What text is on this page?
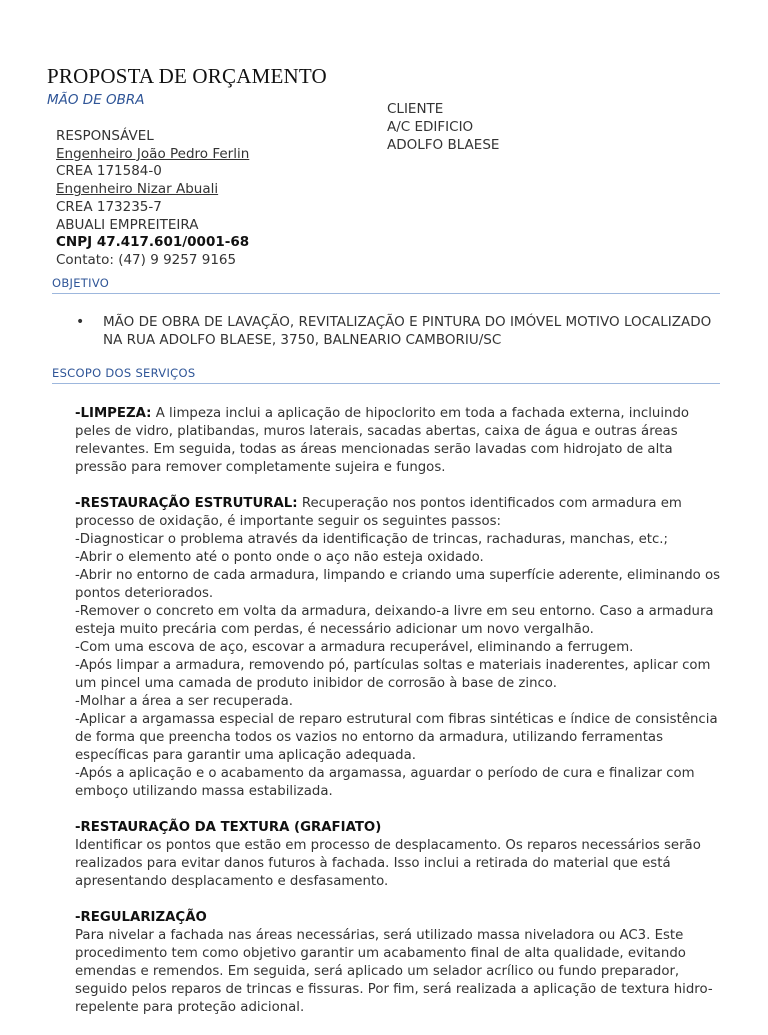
PROPOSTA DE ORÇAMENTO
MÃO DE OBRA
CLIENTE
A/C EDIFICIO
ADOLFO BLAESE
RESPONSÁVEL
Engenheiro João Pedro Ferlin
CREA 171584-0
Engenheiro Nizar Abuali
CREA 173235-7
ABUALI EMPREITEIRA
CNPJ 47.417.601/0001-68
Contato: (47) 9 9257 9165
OBJETIVO
• MÃO DE OBRA DE LAVAÇÃO, REVITALIZAÇÃO E PINTURA DO IMÓVEL MOTIVO LOCALIZADO NA RUA ADOLFO BLAESE, 3750, BALNEARIO CAMBORIU/SC
ESCOPO DOS SERVIÇOS

-LIMPEZA: A limpeza inclui a aplicação de hipoclorito em toda a fachada externa, incluindo peles de vidro, platibandas, muros laterais, sacadas abertas, caixa de água e outras áreas relevantes. Em seguida, todas as áreas mencionadas serão lavadas com hidrojato de alta pressão para remover completamente sujeira e fungos.

-RESTAURAÇÃO ESTRUTURAL: Recuperação nos pontos identificados com armadura em processo de oxidação, é importante seguir os seguintes passos:
-Diagnosticar o problema através da identificação de trincas, rachaduras, manchas, etc.;
-Abrir o elemento até o ponto onde o aço não esteja oxidado.
-Abrir no entorno de cada armadura, limpando e criando uma superfície aderente, eliminando os pontos deteriorados.
-Remover o concreto em volta da armadura, deixando-a livre em seu entorno. Caso a armadura esteja muito precária com perdas, é necessário adicionar um novo vergalhão.
-Com uma escova de aço, escovar a armadura recuperável, eliminando a ferrugem.
-Após limpar a armadura, removendo pó, partículas soltas e materiais inaderentes, aplicar com um pincel uma camada de produto inibidor de corrosão à base de zinco.
-Molhar a área a ser recuperada.
-Aplicar a argamassa especial de reparo estrutural com fibras sintéticas e índice de consistência de forma que preencha todos os vazios no entorno da armadura, utilizando ferramentas específicas para garantir uma aplicação adequada.
-Após a aplicação e o acabamento da argamassa, aguardar o período de cura e finalizar com emboço utilizando massa estabilizada.

-RESTAURAÇÃO DA TEXTURA (GRAFIATO)
Identificar os pontos que estão em processo de desplacamento. Os reparos necessários serão realizados para evitar danos futuros à fachada. Isso inclui a retirada do material que está apresentando desplacamento e desfasamento.

-REGULARIZAÇÃO
Para nivelar a fachada nas áreas necessárias, será utilizado massa niveladora ou AC3. Este procedimento tem como objetivo garantir um acabamento final de alta qualidade, evitando emendas e remendos. Em seguida, será aplicado um selador acrílico ou fundo preparador, seguido pelos reparos de trincas e fissuras. Por fim, será realizada a aplicação de textura hidro-repelente para proteção adicional.
